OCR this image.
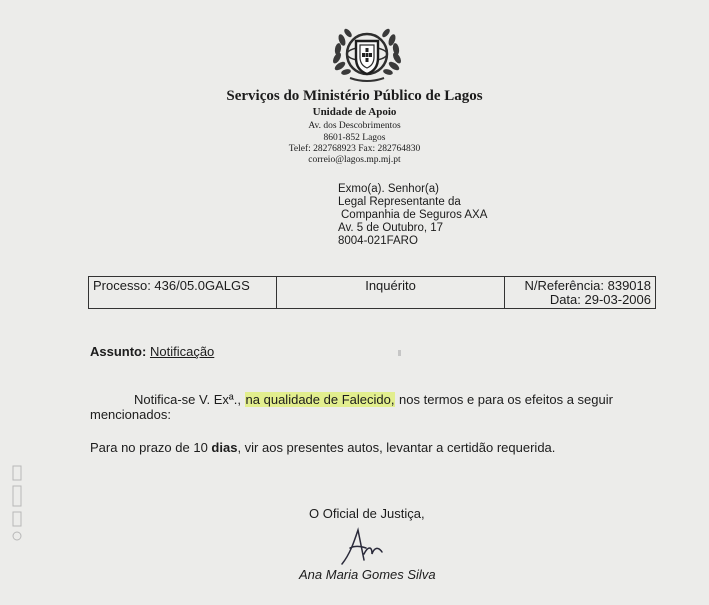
Serviços do Ministério Público de Lagos
Unidade de Apoio
Av. dos Descobrimentos
8601-852 Lagos
Telef: 282768923 Fax: 282764830
correio@lagos.mp.mj.pt
Exmo(a). Senhor(a)
Legal Representante da
Companhia de Seguros AXA
Av. 5 de Outubro, 17
8004-021FARO
Processo: 436/05.0GALGS	Inquérito	N/Referência: 839018
Data: 29-03-2006
Assunto: Notificação
Notifica-se V. Exª., na qualidade de Falecido, nos termos e para os efeitos a seguir
mencionados:
Para no prazo de 10 dias, vir aos presentes autos, levantar a certidão requerida.
O Oficial de Justiça,
Ana Maria Gomes Silva
